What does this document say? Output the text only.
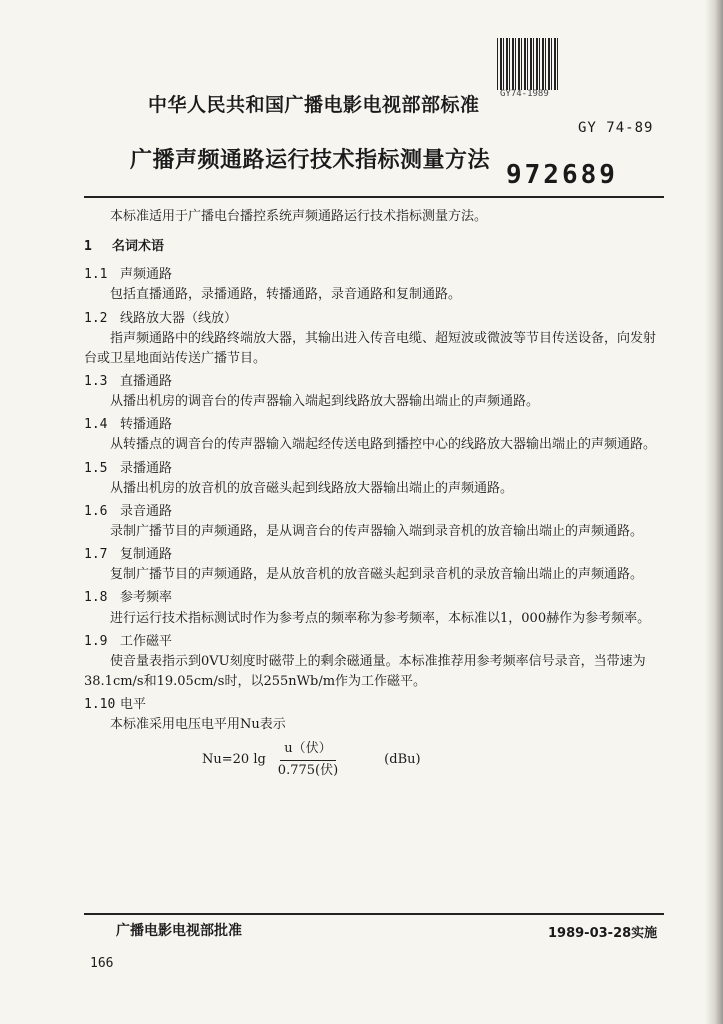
GY74-1989
中华人民共和国广播电影电视部部标准
GY 74-89
广播声频通路运行技术指标测量方法 972689

本标准适用于广播电台播控系统声频通路运行技术指标测量方法。

1 名词术语

1.1 声频通路

包括直播通路，录播通路，转播通路，录音通路和复制通路。

1.2 线路放大器（线放）

指声频通路中的线路终端放大器，其输出进入传音电缆、超短波或微波等节目传送设备，向发射台或卫星地面站传送广播节目。

1.3 直播通路

从播出机房的调音台的传声器输入端起到线路放大器输出端止的声频通路。

1.4 转播通路

从转播点的调音台的传声器输入端起经传送电路到播控中心的线路放大器输出端止的声频通路。

1.5 录播通路

从播出机房的放音机的放音磁头起到线路放大器输出端止的声频通路。

1.6 录音通路

录制广播节目的声频通路，是从调音台的传声器输入端到录音机的放音输出端止的声频通路。

1.7 复制通路

复制广播节目的声频通路，是从放音机的放音磁头起到录音机的录放音输出端止的声频通路。

1.8 参考频率

进行运行技术指标测试时作为参考点的频率称为参考频率，本标准以1，000赫作为参考频率。

1.9 工作磁平

使音量表指示到0VU刻度时磁带上的剩余磁通量。本标准推荐用参考频率信号录音，当带速为38.1cm/s和19.05cm/s时，以255nWb/m作为工作磁平。

1.10 电平

本标准采用电压电平用Nu表示

Nu=20 $\lg \frac{\text{u（伏）}}{\text{0.775(伏)}}$	(dBu)
广播电影电视部批准	1989-03-28实施
166
